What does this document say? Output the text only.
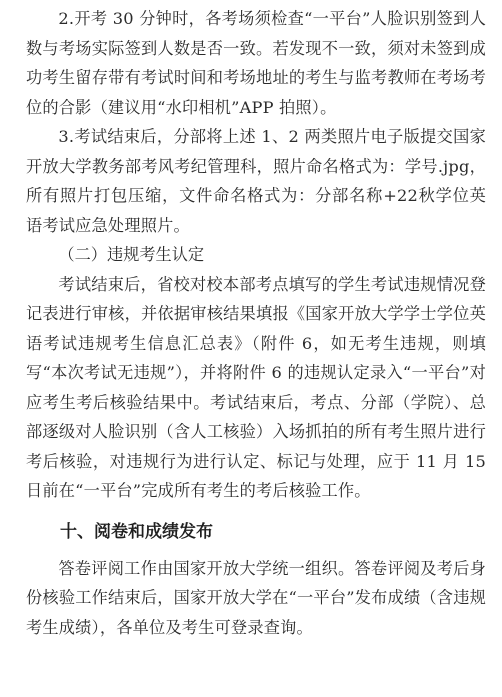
2.开考 30 分钟时，各考场须检查“一平台”人脸识别签到人数与考场实际签到人数是否一致。若发现不一致，须对未签到成功考生留存带有考试时间和考场地址的考生与监考教师在考场考位的合影（建议用“水印相机”APP 拍照）。

3.考试结束后，分部将上述 1、2 两类照片电子版提交国家开放大学教务部考风考纪管理科，照片命名格式为：学号.jpg，所有照片打包压缩，文件命名格式为：分部名称+22秋学位英语考试应急处理照片。

（二）违规考生认定

考试结束后，省校对校本部考点填写的学生考试违规情况登记表进行审核，并依据审核结果填报《国家开放大学学士学位英语考试违规考生信息汇总表》（附件 6，如无考生违规，则填写“本次考试无违规”），并将附件 6 的违规认定录入“一平台”对应考生考后核验结果中。考试结束后，考点、分部（学院）、总部逐级对人脸识别（含人工核验）入场抓拍的所有考生照片进行考后核验，对违规行为进行认定、标记与处理，应于 11 月 15 日前在“一平台”完成所有考生的考后核验工作。

十、阅卷和成绩发布

答卷评阅工作由国家开放大学统一组织。答卷评阅及考后身份核验工作结束后，国家开放大学在“一平台”发布成绩（含违规考生成绩），各单位及考生可登录查询。
